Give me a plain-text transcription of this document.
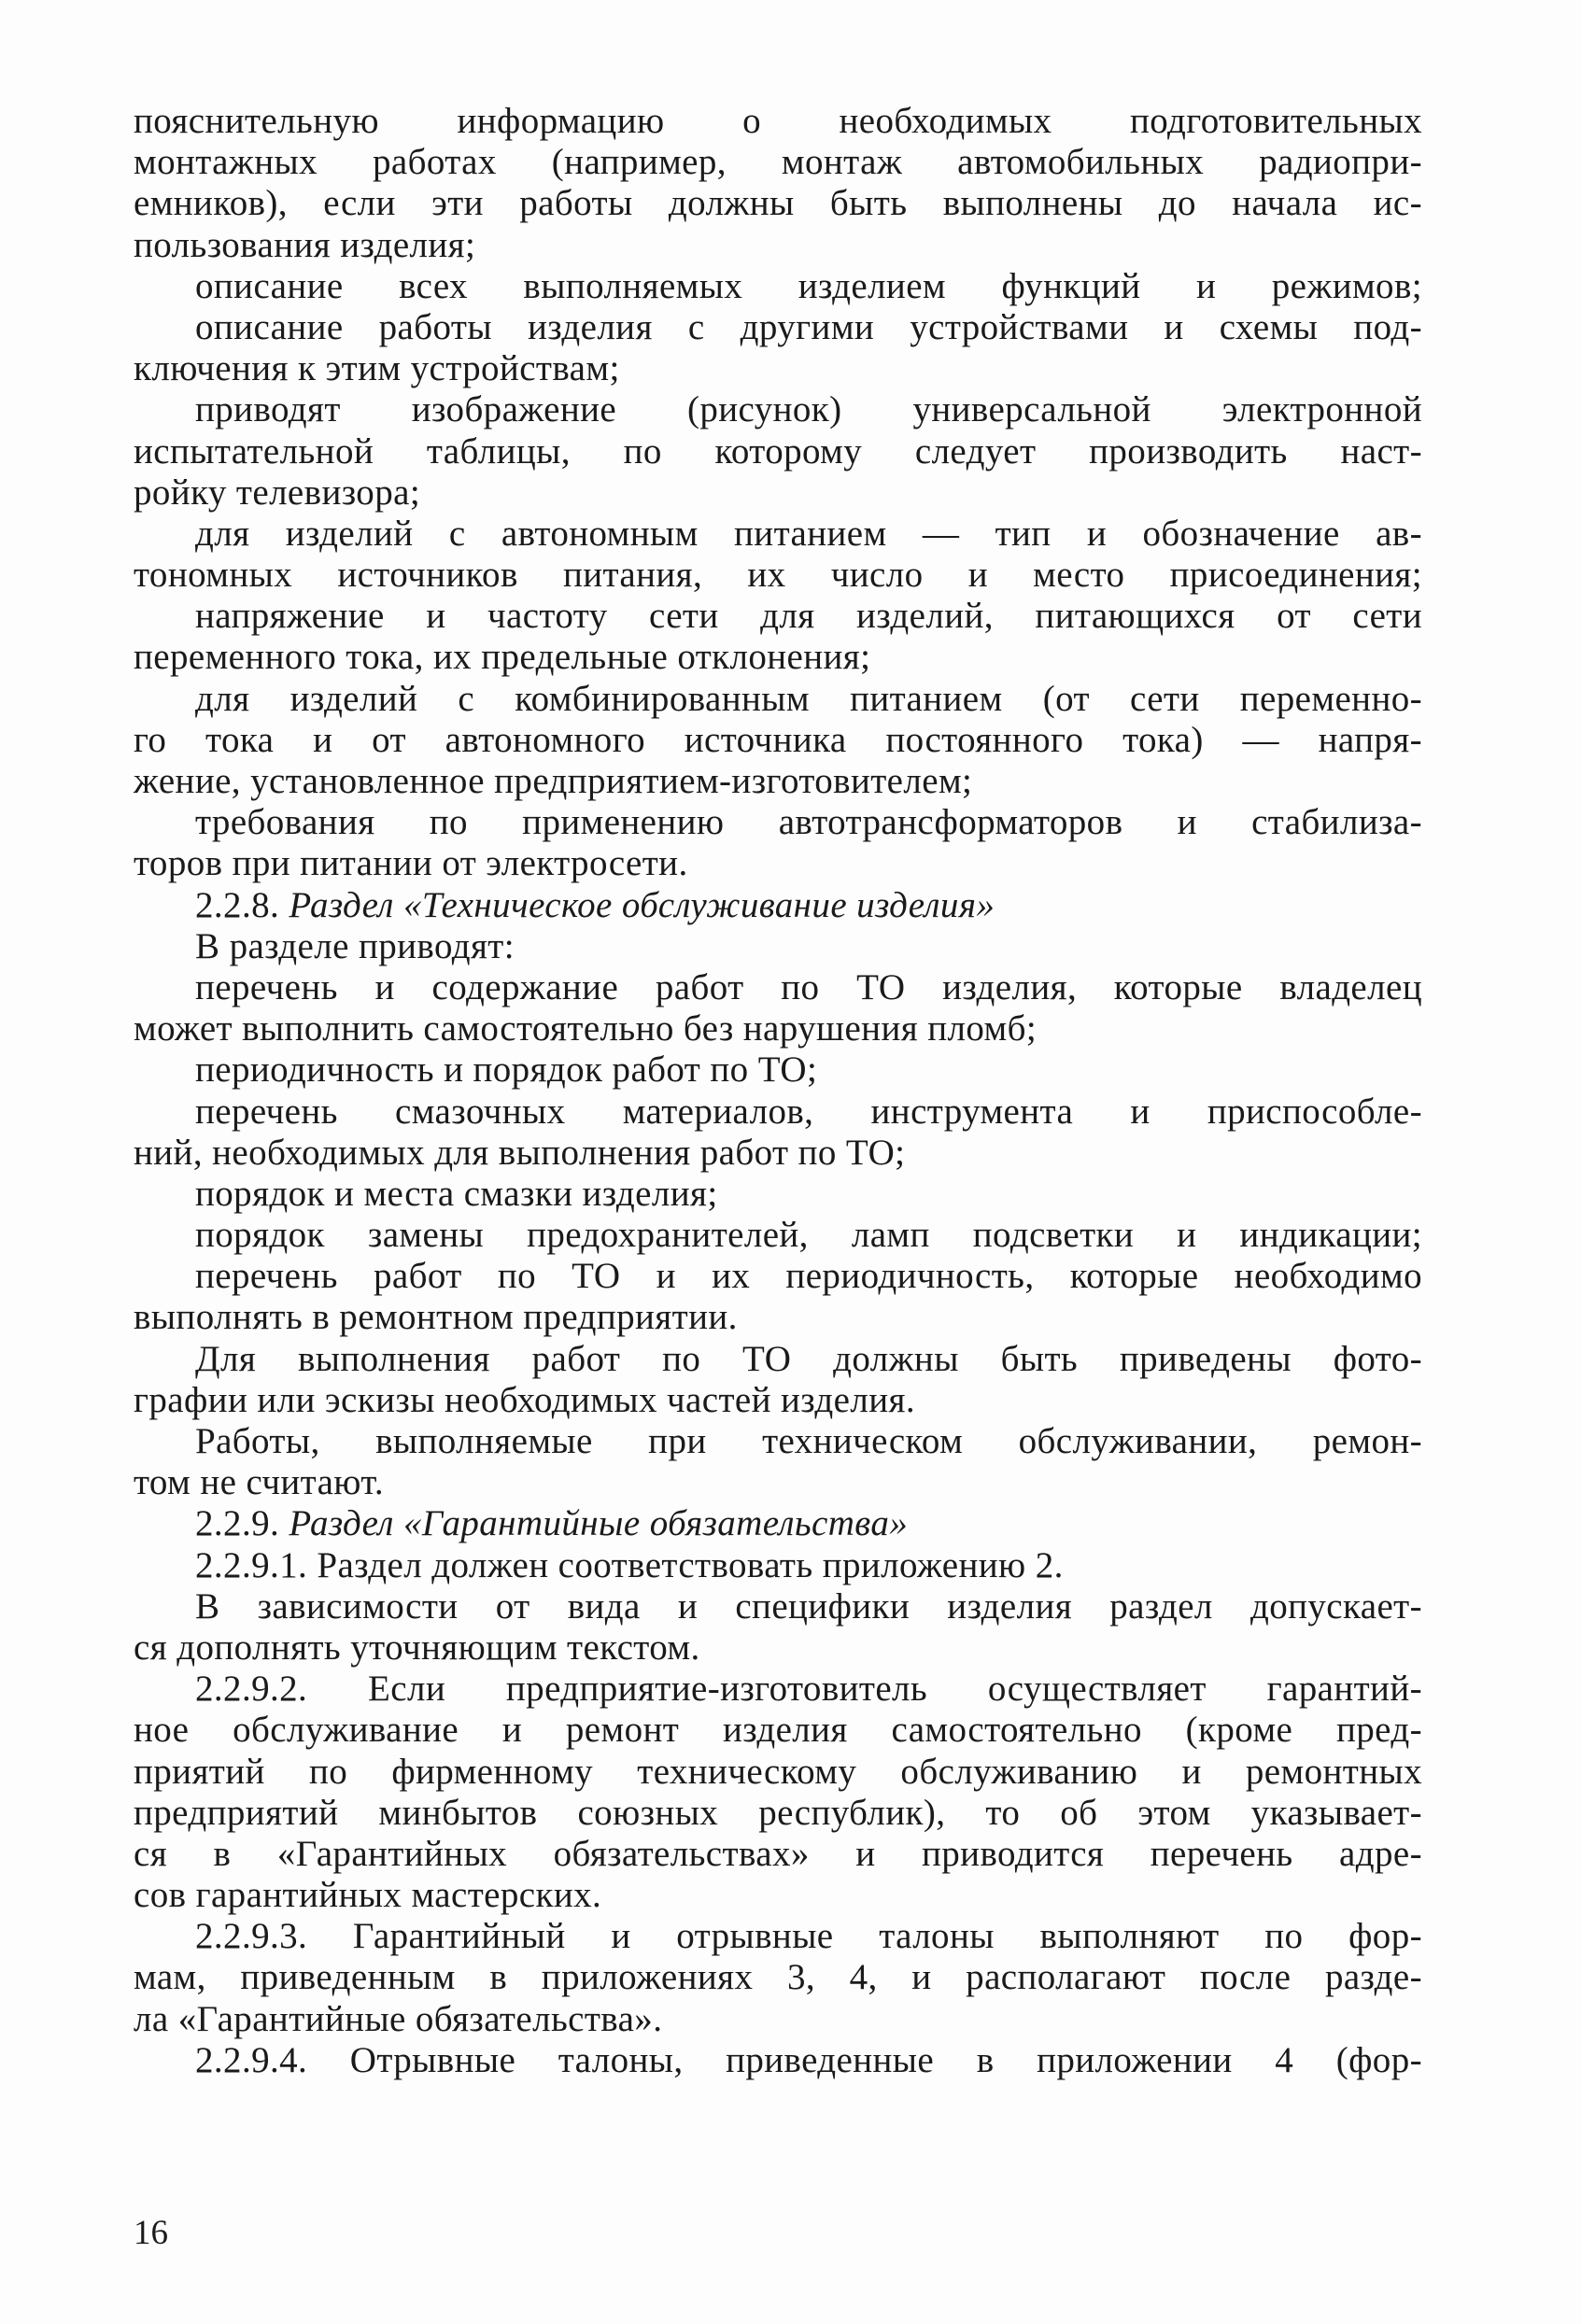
пояснительную информацию о необходимых подготовительных
монтажных работах (например, монтаж автомобильных радиопри-
емников), если эти работы должны быть выполнены до начала ис-
пользования изделия;
описание всех выполняемых изделием функций и режимов;
описание работы изделия с другими устройствами и схемы под-
ключения к этим устройствам;
приводят изображение (рисунок) универсальной электронной
испытательной таблицы, по которому следует производить наст-
ройку телевизора;
для изделий с автономным питанием — тип и обозначение ав-
тономных источников питания, их число и место присоединения;
напряжение и частоту сети для изделий, питающихся от сети
переменного тока, их предельные отклонения;
для изделий с комбинированным питанием (от сети переменно-
го тока и от автономного источника постоянного тока) — напря-
жение, установленное предприятием-изготовителем;
требования по применению автотрансформаторов и стабилиза-
торов при питании от электросети.
2.2.8. Раздел «Техническое обслуживание изделия»
В разделе приводят:
перечень и содержание работ по ТО изделия, которые владелец
может выполнить самостоятельно без нарушения пломб;
периодичность и порядок работ по ТО;
перечень смазочных материалов, инструмента и приспособле-
ний, необходимых для выполнения работ по ТО;
порядок и места смазки изделия;
порядок замены предохранителей, ламп подсветки и индикации;
перечень работ по ТО и их периодичность, которые необходимо
выполнять в ремонтном предприятии.
Для выполнения работ по ТО должны быть приведены фото-
графии или эскизы необходимых частей изделия.
Работы, выполняемые при техническом обслуживании, ремон-
том не считают.
2.2.9. Раздел «Гарантийные обязательства»
2.2.9.1. Раздел должен соответствовать приложению 2.
В зависимости от вида и специфики изделия раздел допускает-
ся дополнять уточняющим текстом.
2.2.9.2. Если предприятие-изготовитель осуществляет гарантий-
ное обслуживание и ремонт изделия самостоятельно (кроме пред-
приятий по фирменному техническому обслуживанию и ремонтных
предприятий минбытов союзных республик), то об этом указывает-
ся в «Гарантийных обязательствах» и приводится перечень адре-
сов гарантийных мастерских.
2.2.9.3. Гарантийный и отрывные талоны выполняют по фор-
мам, приведенным в приложениях 3, 4, и располагают после разде-
ла «Гарантийные обязательства».
2.2.9.4. Отрывные талоны, приведенные в приложении 4 (фор-
16
